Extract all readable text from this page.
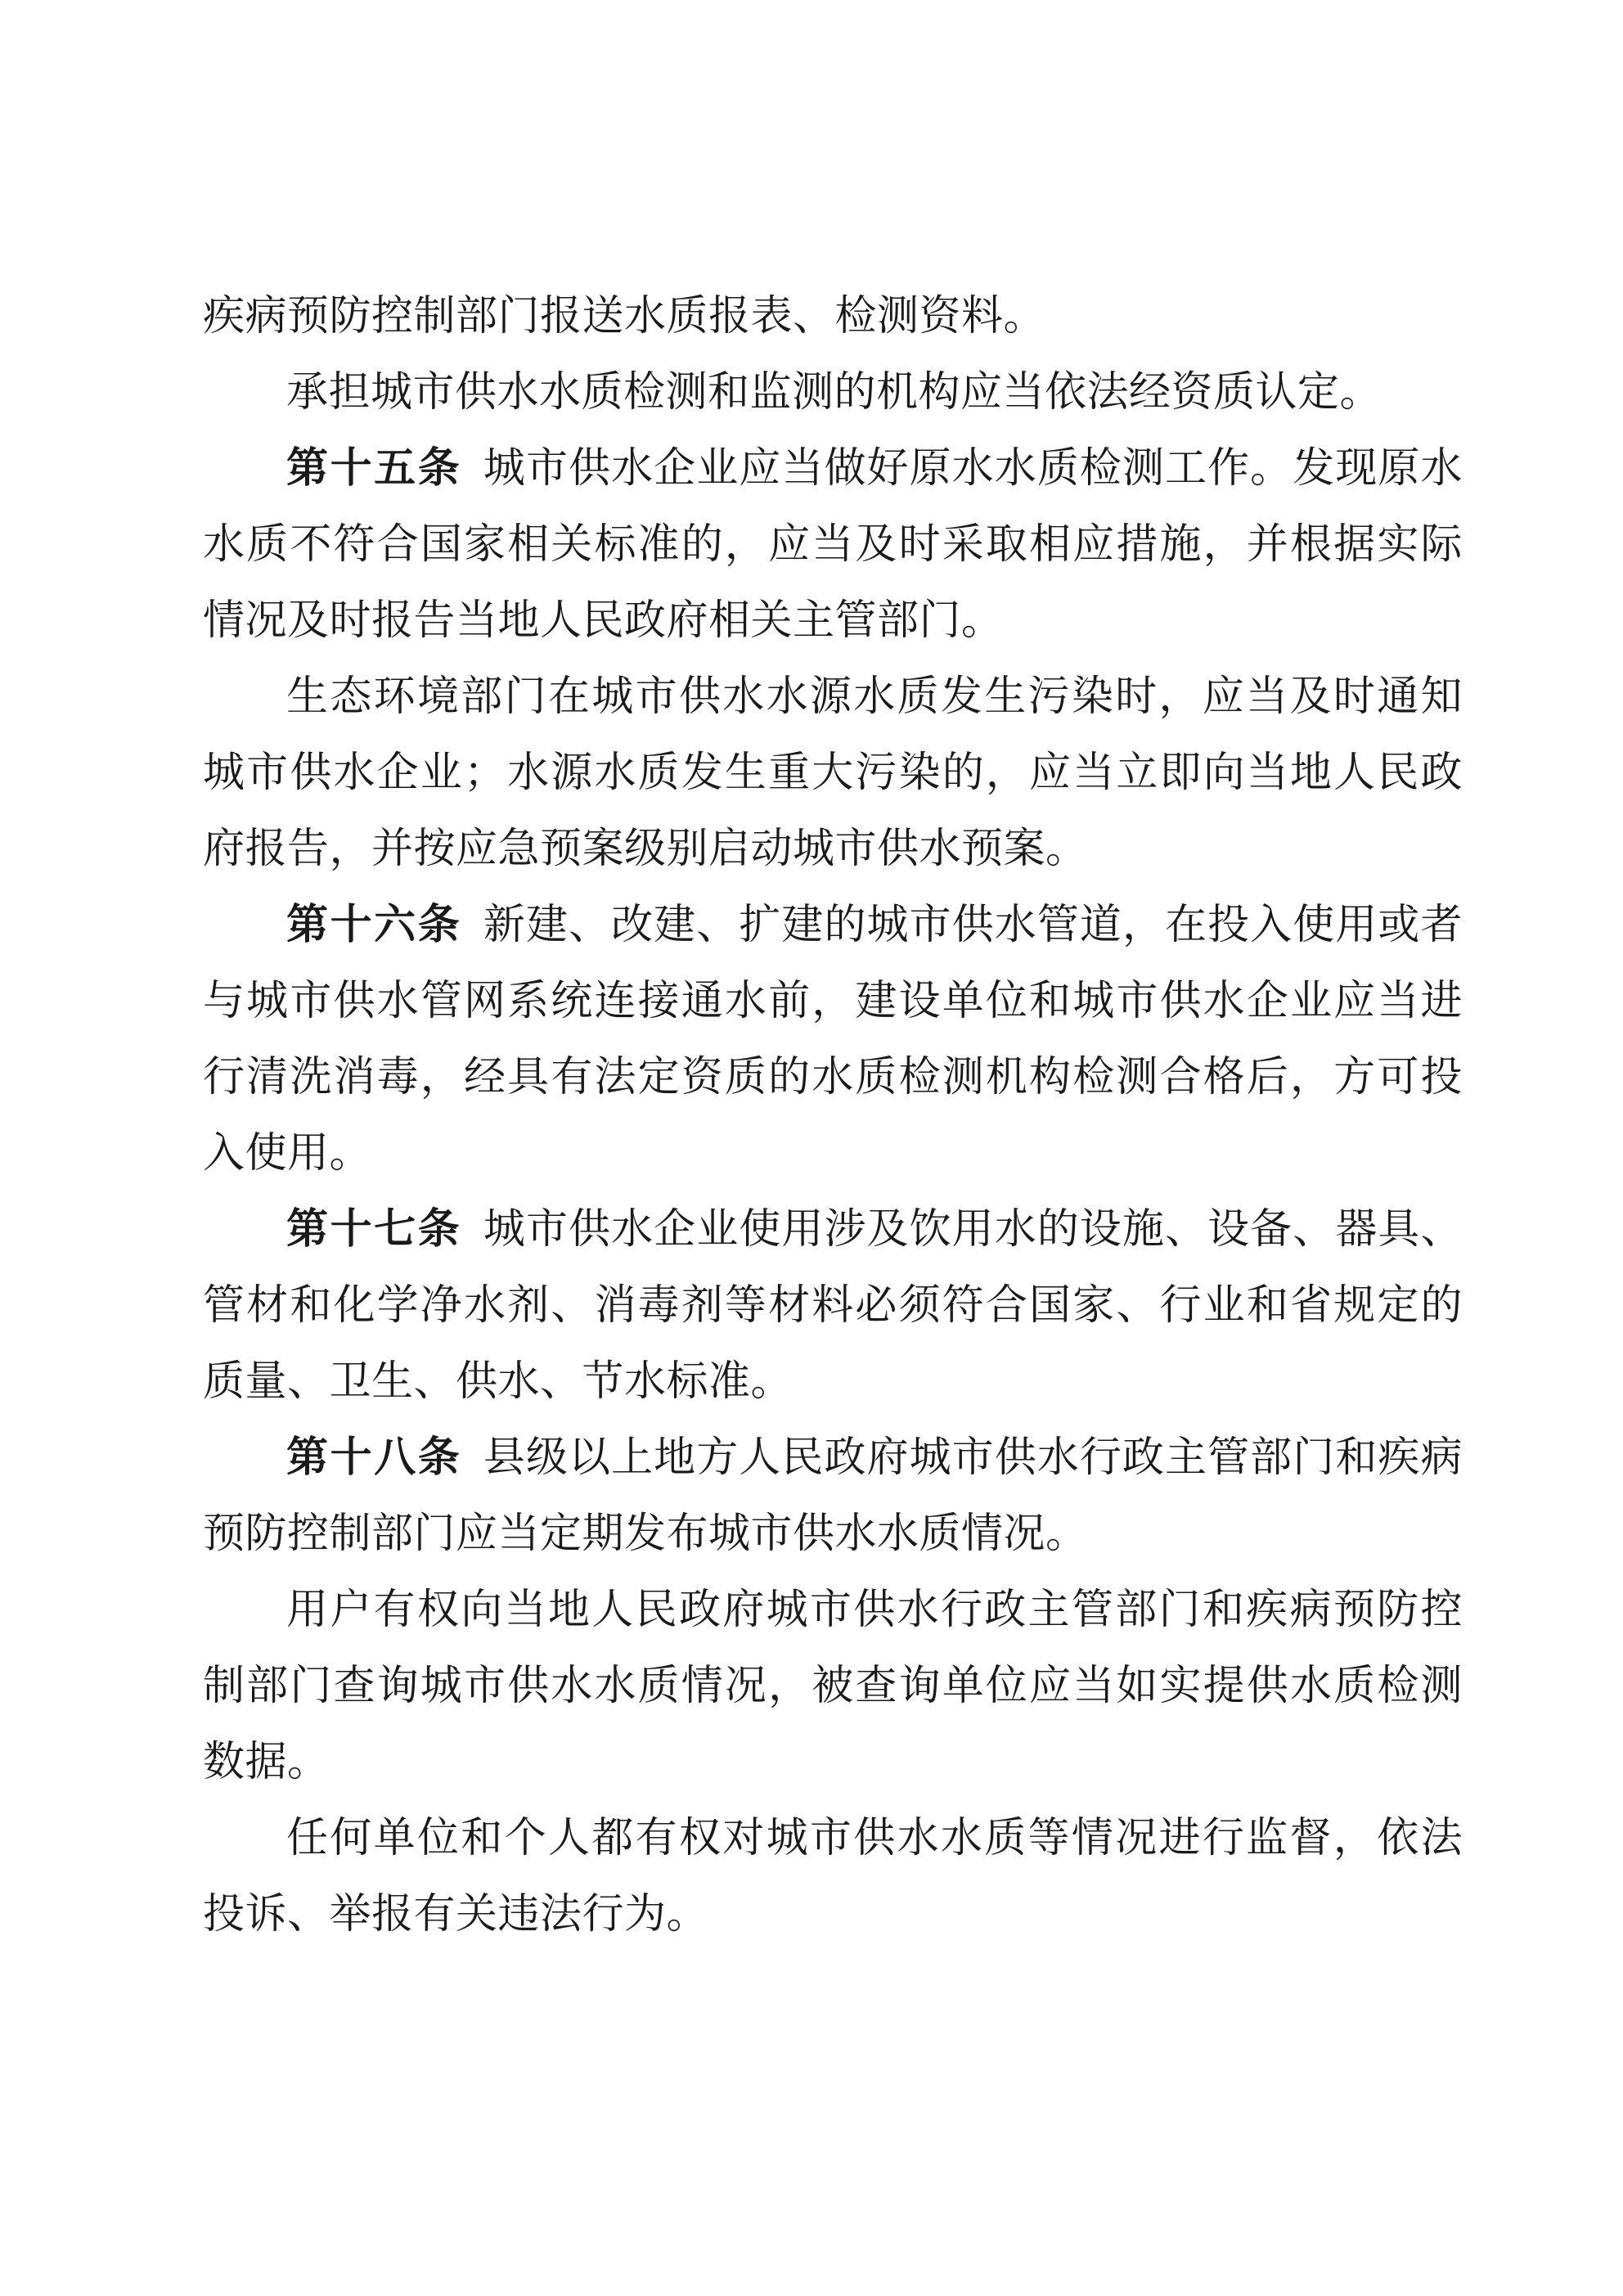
疾病预防控制部门报送水质报表、检测资料。

承担城市供水水质检测和监测的机构应当依法经资质认定。

第十五条 城市供水企业应当做好原水水质检测工作。发现原水水质不符合国家相关标准的，应当及时采取相应措施，并根据实际情况及时报告当地人民政府相关主管部门。

生态环境部门在城市供水水源水质发生污染时，应当及时通知城市供水企业；水源水质发生重大污染的，应当立即向当地人民政府报告，并按应急预案级别启动城市供水预案。

第十六条 新建、改建、扩建的城市供水管道，在投入使用或者与城市供水管网系统连接通水前，建设单位和城市供水企业应当进行清洗消毒，经具有法定资质的水质检测机构检测合格后，方可投入使用。

第十七条 城市供水企业使用涉及饮用水的设施、设备、器具、管材和化学净水剂、消毒剂等材料必须符合国家、行业和省规定的质量、卫生、供水、节水标准。

第十八条 县级以上地方人民政府城市供水行政主管部门和疾病预防控制部门应当定期发布城市供水水质情况。

用户有权向当地人民政府城市供水行政主管部门和疾病预防控制部门查询城市供水水质情况，被查询单位应当如实提供水质检测数据。

任何单位和个人都有权对城市供水水质等情况进行监督，依法投诉、举报有关违法行为。
